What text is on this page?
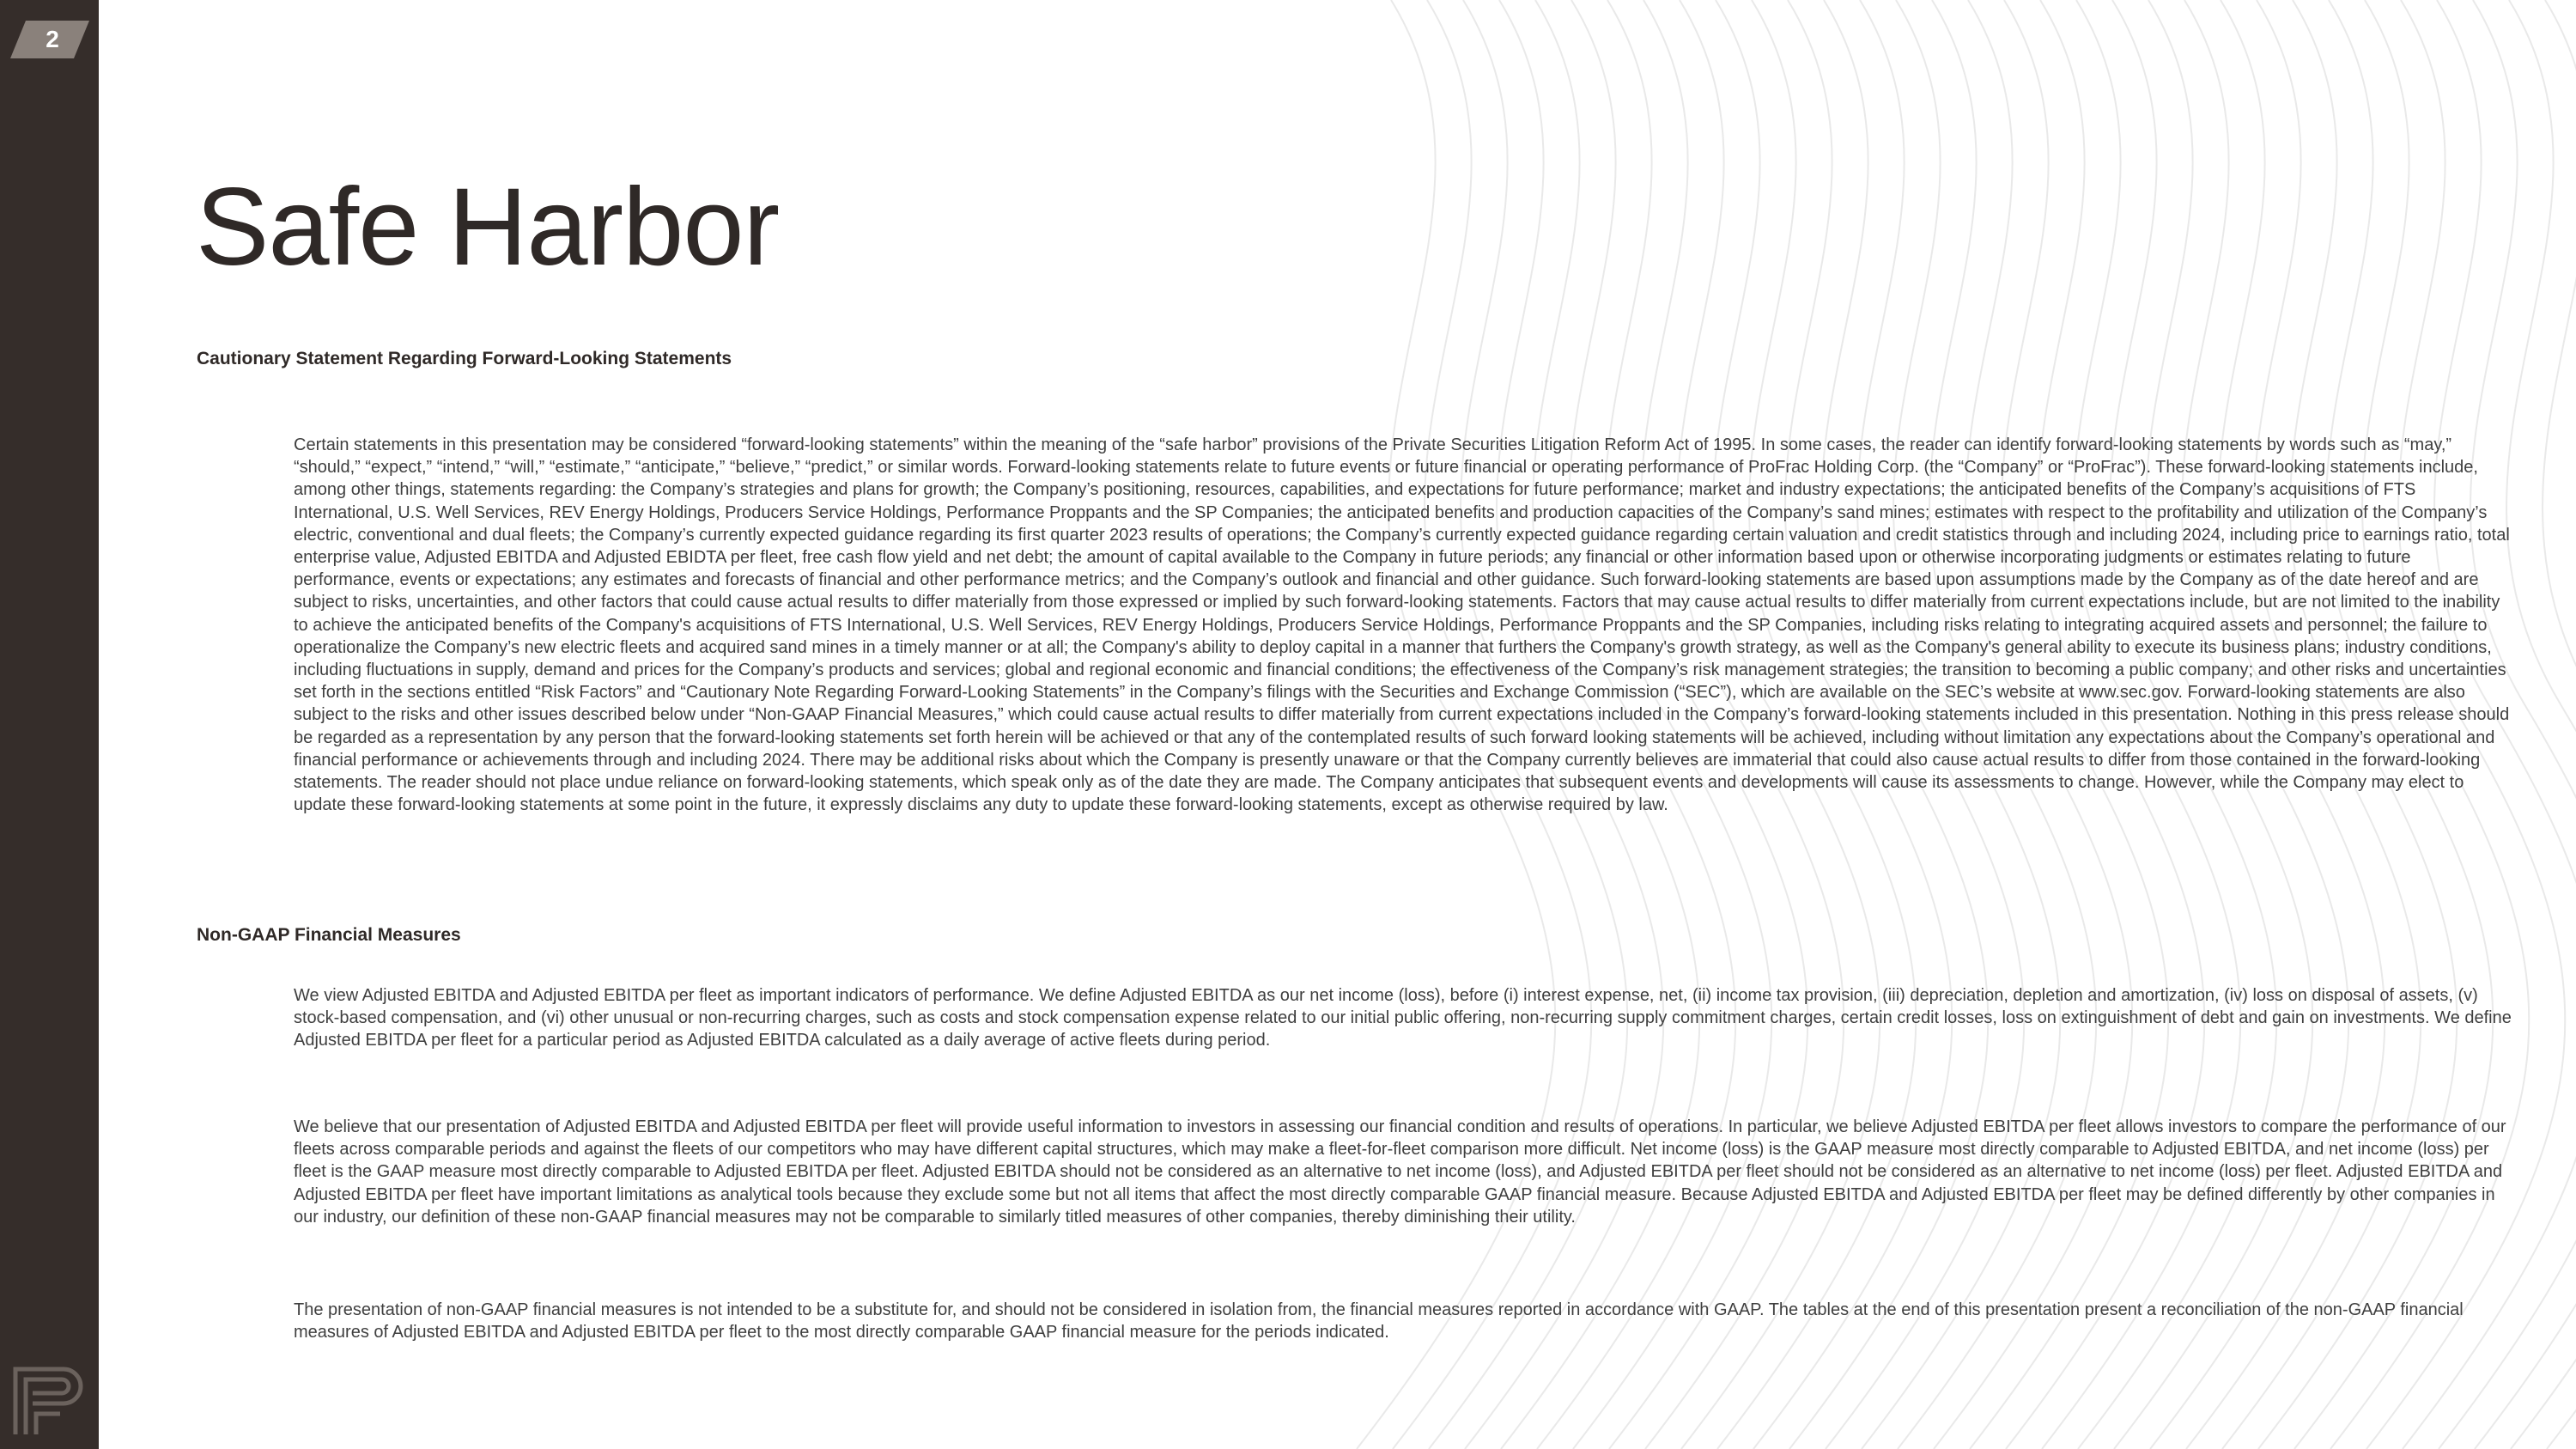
2
Safe Harbor
Cautionary Statement Regarding Forward-Looking Statements

Certain statements in this presentation may be considered “forward-looking statements” within the meaning of the “safe harbor” provisions of the Private Securities Litigation Reform Act of 1995. In some cases, the reader can identify forward-looking statements by words such as “may,” “should,” “expect,” “intend,” “will,” “estimate,” “anticipate,” “believe,” “predict,” or similar words. Forward-looking statements relate to future events or future financial or operating performance of ProFrac Holding Corp. (the “Company” or “ProFrac”). These forward-looking statements include, among other things, statements regarding: the Company’s strategies and plans for growth; the Company’s positioning, resources, capabilities, and expectations for future performance; market and industry expectations; the anticipated benefits of the Company’s acquisitions of FTS International, U.S. Well Services, REV Energy Holdings, Producers Service Holdings, Performance Proppants and the SP Companies; the anticipated benefits and production capacities of the Company’s sand mines; estimates with respect to the profitability and utilization of the Company’s electric, conventional and dual fleets; the Company’s currently expected guidance regarding its first quarter 2023 results of operations; the Company’s currently expected guidance regarding certain valuation and credit statistics through and including 2024, including price to earnings ratio, total enterprise value, Adjusted EBITDA and Adjusted EBIDTA per fleet, free cash flow yield and net debt; the amount of capital available to the Company in future periods; any financial or other information based upon or otherwise incorporating judgments or estimates relating to future performance, events or expectations; any estimates and forecasts of financial and other performance metrics; and the Company’s outlook and financial and other guidance. Such forward-looking statements are based upon assumptions made by the Company as of the date hereof and are subject to risks, uncertainties, and other factors that could cause actual results to differ materially from those expressed or implied by such forward-looking statements. Factors that may cause actual results to differ materially from current expectations include, but are not limited to the inability to achieve the anticipated benefits of the Company's acquisitions of FTS International, U.S. Well Services, REV Energy Holdings, Producers Service Holdings, Performance Proppants and the SP Companies, including risks relating to integrating acquired assets and personnel; the failure to operationalize the Company’s new electric fleets and acquired sand mines in a timely manner or at all; the Company's ability to deploy capital in a manner that furthers the Company's growth strategy, as well as the Company's general ability to execute its business plans; industry conditions, including fluctuations in supply, demand and prices for the Company’s products and services; global and regional economic and financial conditions; the effectiveness of the Company’s risk management strategies; the transition to becoming a public company; and other risks and uncertainties set forth in the sections entitled “Risk Factors” and “Cautionary Note Regarding Forward-Looking Statements” in the Company’s filings with the Securities and Exchange Commission (“SEC”), which are available on the SEC’s website at www.sec.gov. Forward-looking statements are also subject to the risks and other issues described below under “Non-GAAP Financial Measures,” which could cause actual results to differ materially from current expectations included in the Company’s forward-looking statements included in this presentation. Nothing in this press release should be regarded as a representation by any person that the forward-looking statements set forth herein will be achieved or that any of the contemplated results of such forward looking statements will be achieved, including without limitation any expectations about the Company’s operational and financial performance or achievements through and including 2024. There may be additional risks about which the Company is presently unaware or that the Company currently believes are immaterial that could also cause actual results to differ from those contained in the forward-looking statements. The reader should not place undue reliance on forward-looking statements, which speak only as of the date they are made. The Company anticipates that subsequent events and developments will cause its assessments to change. However, while the Company may elect to update these forward-looking statements at some point in the future, it expressly disclaims any duty to update these forward-looking statements, except as otherwise required by law.

Non-GAAP Financial Measures

We view Adjusted EBITDA and Adjusted EBITDA per fleet as important indicators of performance. We define Adjusted EBITDA as our net income (loss), before (i) interest expense, net, (ii) income tax provision, (iii) depreciation, depletion and amortization, (iv) loss on disposal of assets, (v) stock-based compensation, and (vi) other unusual or non-recurring charges, such as costs and stock compensation expense related to our initial public offering, non-recurring supply commitment charges, certain credit losses, loss on extinguishment of debt and gain on investments. We define Adjusted EBITDA per fleet for a particular period as Adjusted EBITDA calculated as a daily average of active fleets during period.

We believe that our presentation of Adjusted EBITDA and Adjusted EBITDA per fleet will provide useful information to investors in assessing our financial condition and results of operations. In particular, we believe Adjusted EBITDA per fleet allows investors to compare the performance of our fleets across comparable periods and against the fleets of our competitors who may have different capital structures, which may make a fleet-for-fleet comparison more difficult. Net income (loss) is the GAAP measure most directly comparable to Adjusted EBITDA, and net income (loss) per fleet is the GAAP measure most directly comparable to Adjusted EBITDA per fleet. Adjusted EBITDA should not be considered as an alternative to net income (loss), and Adjusted EBITDA per fleet should not be considered as an alternative to net income (loss) per fleet. Adjusted EBITDA and Adjusted EBITDA per fleet have important limitations as analytical tools because they exclude some but not all items that affect the most directly comparable GAAP financial measure. Because Adjusted EBITDA and Adjusted EBITDA per fleet may be defined differently by other companies in our industry, our definition of these non-GAAP financial measures may not be comparable to similarly titled measures of other companies, thereby diminishing their utility.

The presentation of non-GAAP financial measures is not intended to be a substitute for, and should not be considered in isolation from, the financial measures reported in accordance with GAAP. The tables at the end of this presentation present a reconciliation of the non-GAAP financial measures of Adjusted EBITDA and Adjusted EBITDA per fleet to the most directly comparable GAAP financial measure for the periods indicated.
